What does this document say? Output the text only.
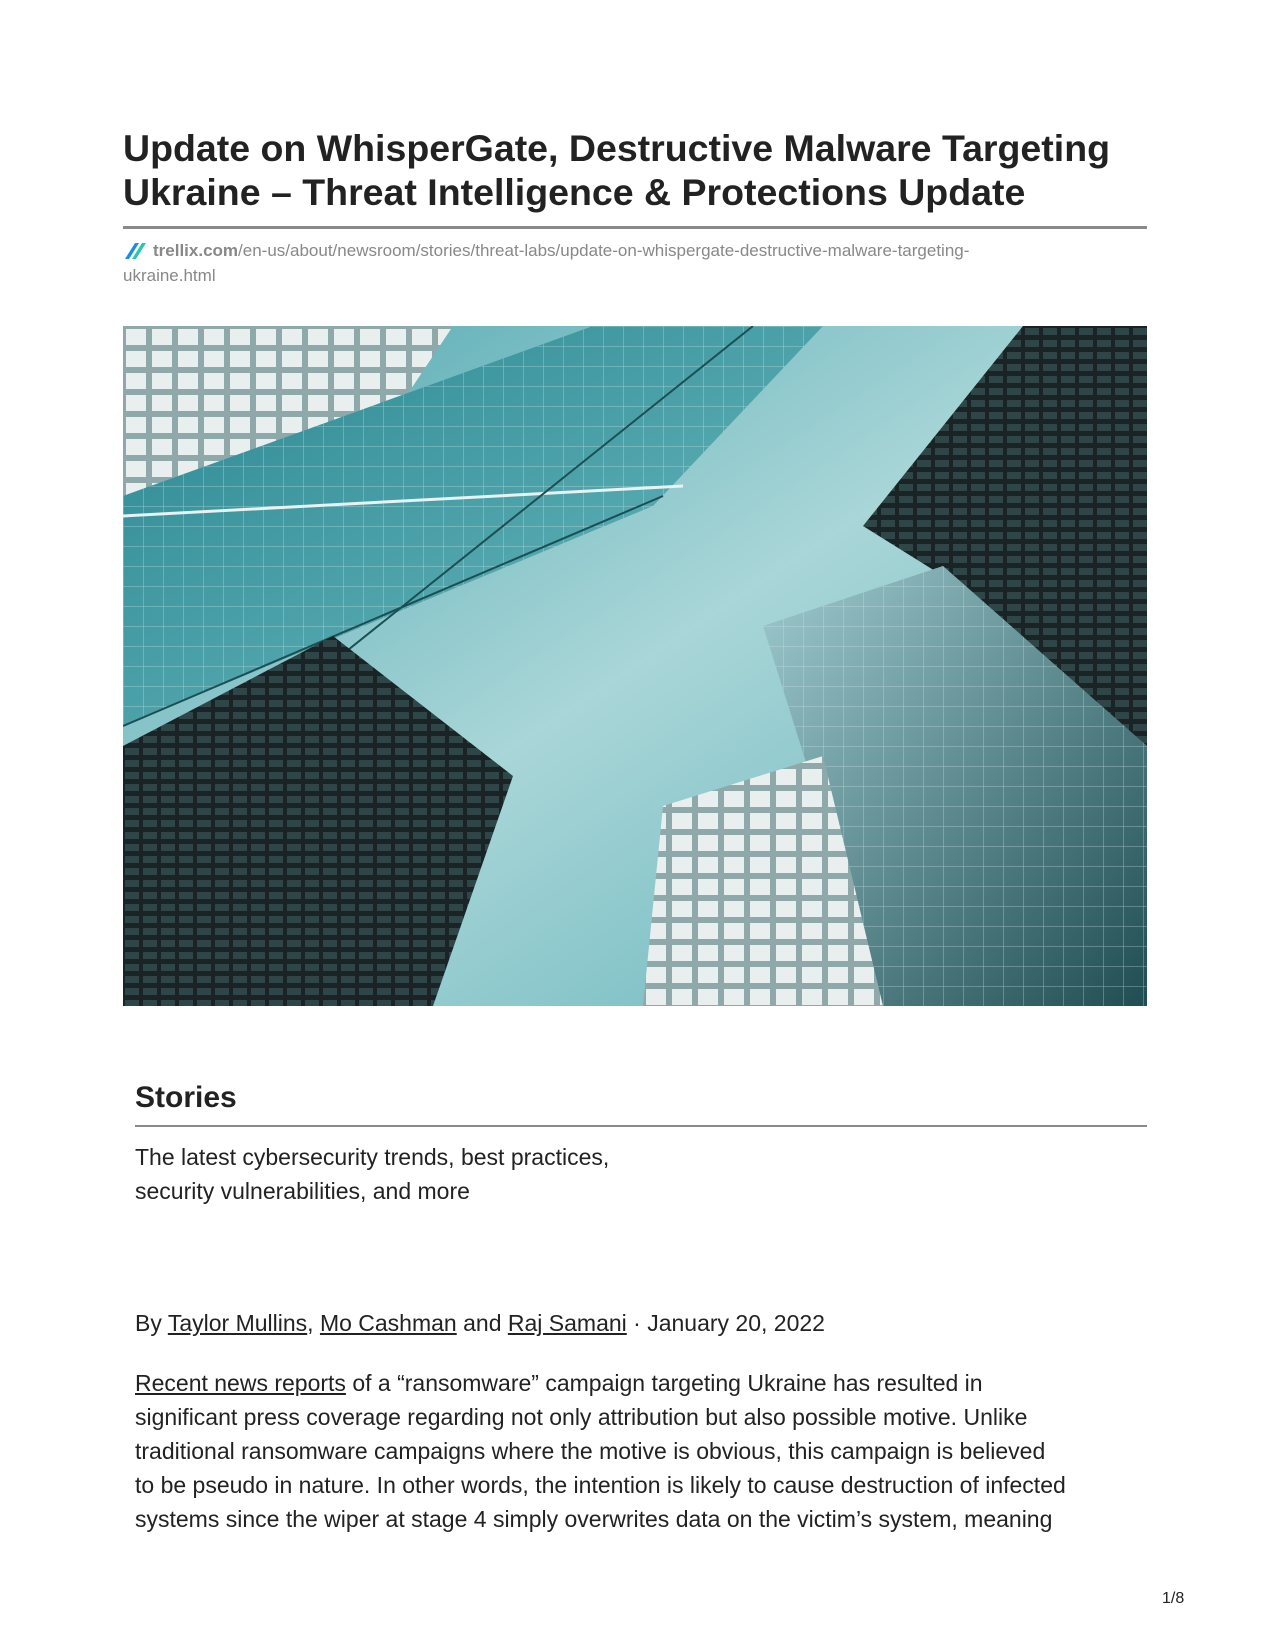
Update on WhisperGate, Destructive Malware Targeting
Ukraine – Threat Intelligence & Protections Update
trellix.com/en-us/about/newsroom/stories/threat-labs/update-on-whispergate-destructive-malware-targeting-
ukraine.html
Stories
The latest cybersecurity trends, best practices,
security vulnerabilities, and more
By Taylor Mullins, Mo Cashman and Raj Samani · January 20, 2022
Recent news reports of a “ransomware” campaign targeting Ukraine has resulted in
significant press coverage regarding not only attribution but also possible motive. Unlike
traditional ransomware campaigns where the motive is obvious, this campaign is believed
to be pseudo in nature. In other words, the intention is likely to cause destruction of infected
systems since the wiper at stage 4 simply overwrites data on the victim’s system, meaning
1/8
